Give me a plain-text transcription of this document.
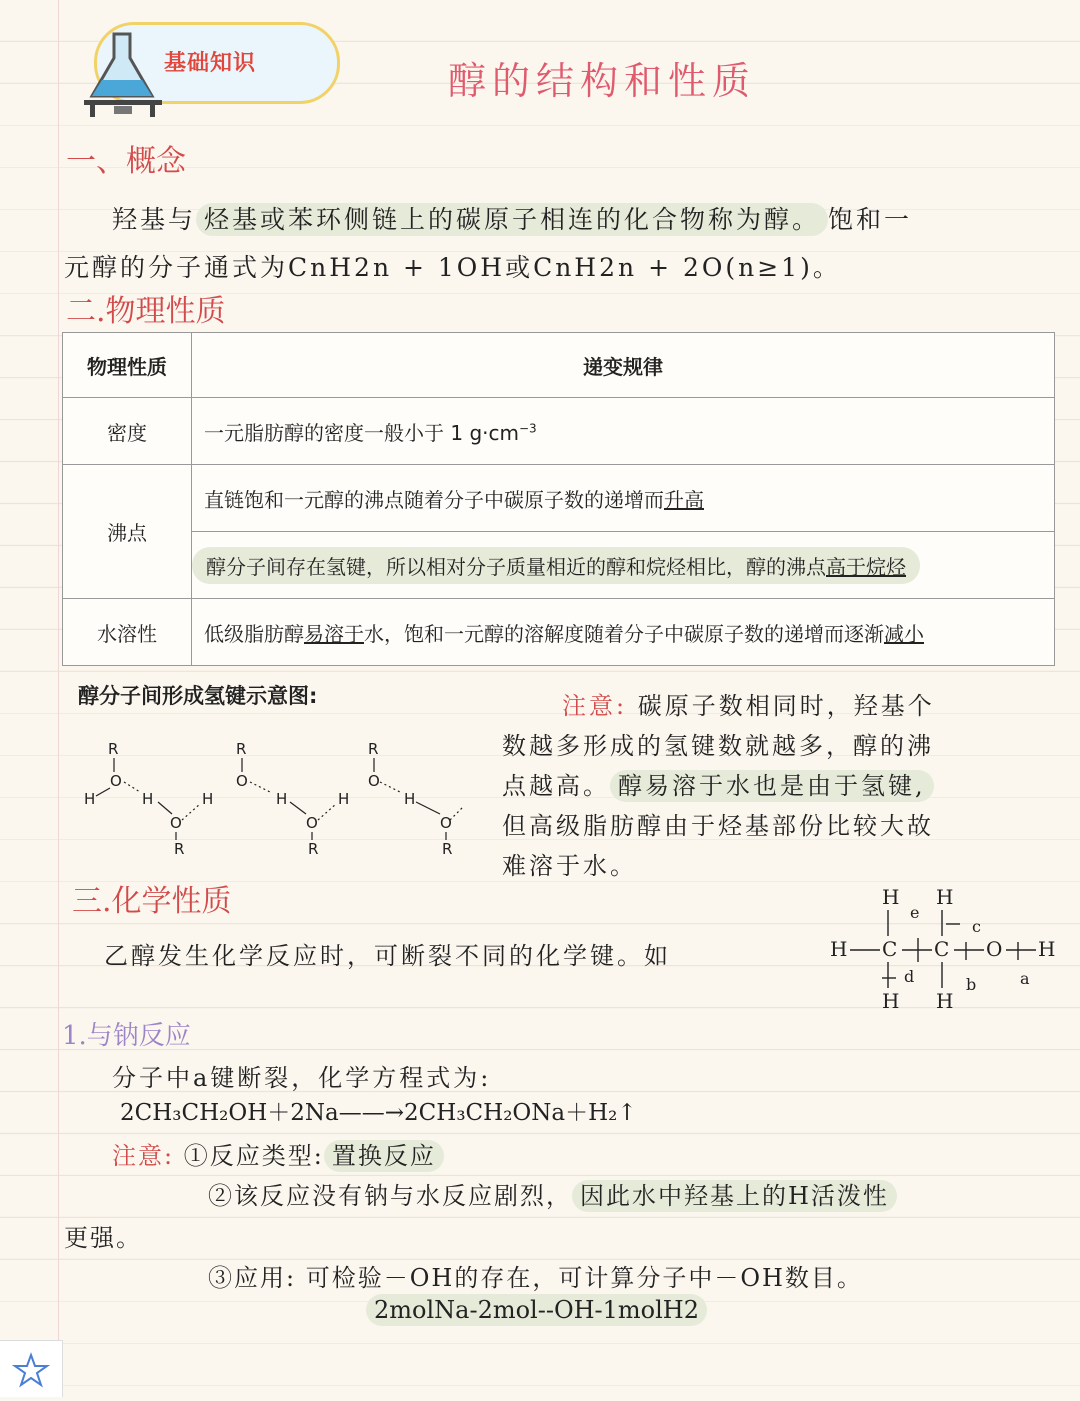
基础知识	醇的结构和性质
一、概念
羟基与 烃基或苯环侧链上的碳原子相连的化合物称为醇。 饱和一
元醇的分子通式为CnH2n + 1OH或CnH2n + 2O(n≥1)。
二.物理性质
物理性质	递变规律
密度	一元脂肪醇的密度一般小于 1 $g\cdot cm^{-3}$
沸点	直链饱和一元醇的沸点随着分子中碳原子数的递增而升高
	醇分子间存在氢键，所以相对分子质量相近的醇和烷烃相比，醇的沸点高于烷烃
水溶性	低级脂肪醇易溶于水，饱和一元醇的溶解度随着分子中碳原子数的递增而逐渐减小
醇分子间形成氢键示意图:
R
O
H	H
O
R
H
R
O
H
O
R
H
R
O
H
O
R
注意: 碳原子数相同时，羟基个
数越多形成的氢键数就越多，醇的沸
点越高。 醇易溶于水也是由于氢键,
但高级脂肪醇由于烃基部份比较大故
难溶于水。
三.化学性质
乙醇发生化学反应时，可断裂不同的化学键。如
H H
H C C O H
H H
a
b
c
d
e
1.与钠反应
分子中a键断裂，化学方程式为:
2CH₃CH₂OH＋2Na——→2CH₃CH₂ONa＋H₂↑
注意: ①反应类型: 置换反应
②该反应没有钠与水反应剧烈， 因此水中羟基上的H活泼性
更强。
③应用: 可检验－OH的存在，可计算分子中－OH数目。
2molNa-2mol--OH-1molH2
